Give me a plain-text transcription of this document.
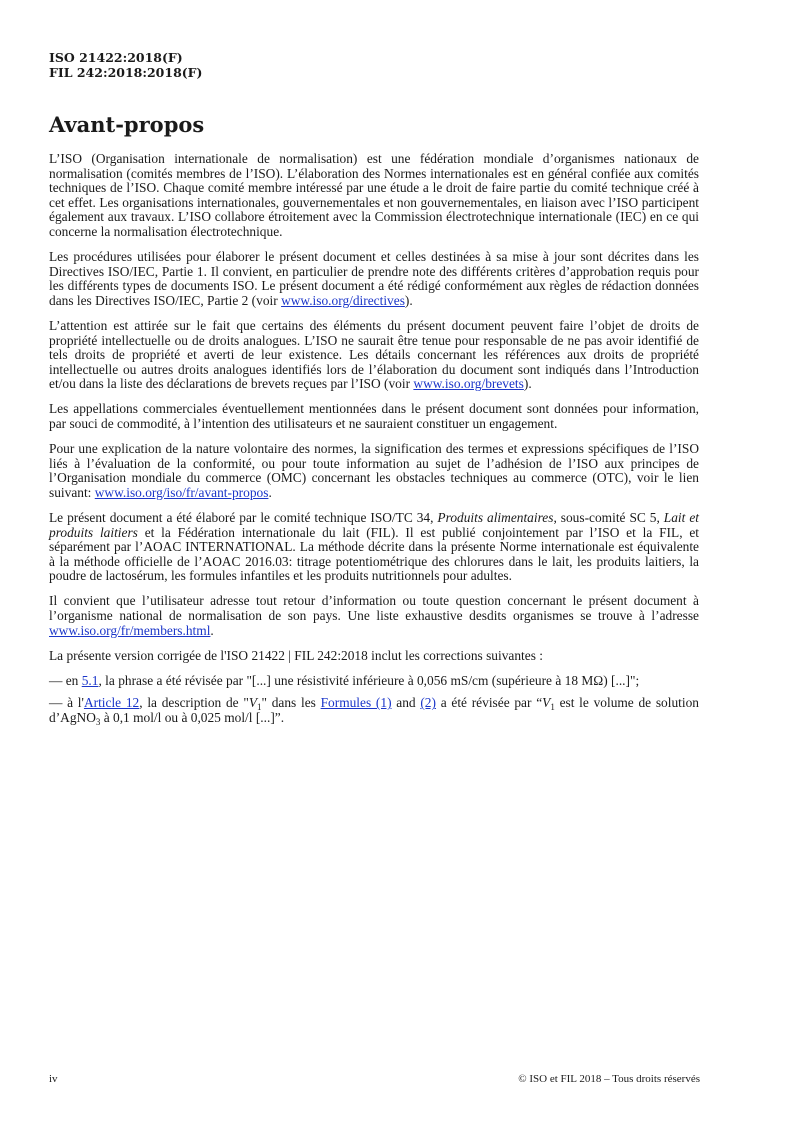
ISO 21422:2018(F)
FIL 242:2018:2018(F)
Avant-propos

L’ISO (Organisation internationale de normalisation) est une fédération mondiale d’organismes nationaux de normalisation (comités membres de l’ISO). L’élaboration des Normes internationales est en général confiée aux comités techniques de l’ISO. Chaque comité membre intéressé par une étude a le droit de faire partie du comité technique créé à cet effet. Les organisations internationales, gouvernementales et non gouvernementales, en liaison avec l’ISO participent également aux travaux. L’ISO collabore étroitement avec la Commission électrotechnique internationale (IEC) en ce qui concerne la normalisation électrotechnique.

Les procédures utilisées pour élaborer le présent document et celles destinées à sa mise à jour sont décrites dans les Directives ISO/IEC, Partie 1. Il convient, en particulier de prendre note des différents critères d’approbation requis pour les différents types de documents ISO. Le présent document a été rédigé conformément aux règles de rédaction données dans les Directives ISO/IEC, Partie 2 (voir www.iso.org/directives).

L’attention est attirée sur le fait que certains des éléments du présent document peuvent faire l’objet de droits de propriété intellectuelle ou de droits analogues. L’ISO ne saurait être tenue pour responsable de ne pas avoir identifié de tels droits de propriété et averti de leur existence. Les détails concernant les références aux droits de propriété intellectuelle ou autres droits analogues identifiés lors de l’élaboration du document sont indiqués dans l’Introduction et/ou dans la liste des déclarations de brevets reçues par l’ISO (voir www.iso.org/brevets).

Les appellations commerciales éventuellement mentionnées dans le présent document sont données pour information, par souci de commodité, à l’intention des utilisateurs et ne sauraient constituer un engagement.

Pour une explication de la nature volontaire des normes, la signification des termes et expressions spécifiques de l’ISO liés à l’évaluation de la conformité, ou pour toute information au sujet de l’adhésion de l’ISO aux principes de l’Organisation mondiale du commerce (OMC) concernant les obstacles techniques au commerce (OTC), voir le lien suivant: www.iso.org/iso/fr/avant-propos.

Le présent document a été élaboré par le comité technique ISO/TC 34, Produits alimentaires, sous-comité SC 5, Lait et produits laitiers et la Fédération internationale du lait (FIL). Il est publié conjointement par l’ISO et la FIL, et séparément par l’AOAC INTERNATIONAL. La méthode décrite dans la présente Norme internationale est équivalente à la méthode officielle de l’AOAC 2016.03: titrage potentiométrique des chlorures dans le lait, les produits laitiers, la poudre de lactosérum, les formules infantiles et les produits nutritionnels pour adultes.

Il convient que l’utilisateur adresse tout retour d’information ou toute question concernant le présent document à l’organisme national de normalisation de son pays. Une liste exhaustive desdits organismes se trouve à l’adresse www.iso.org/fr/members.html.

La présente version corrigée de l'ISO 21422 | FIL 242:2018 inclut les corrections suivantes :

— en 5.1, la phrase a été révisée par "[...] une résistivité inférieure à 0,056 mS/cm (supérieure à 18 MΩ) [...]";

— à l'Article 12, la description de "$V_1$" dans les Formules (1) and (2) a été révisée par “$V_1$ est le volume de solution d’AgNO$_3$ à 0,1 mol/l ou à 0,025 mol/l [...]”.

iv	© ISO et FIL 2018 – Tous droits réservés
